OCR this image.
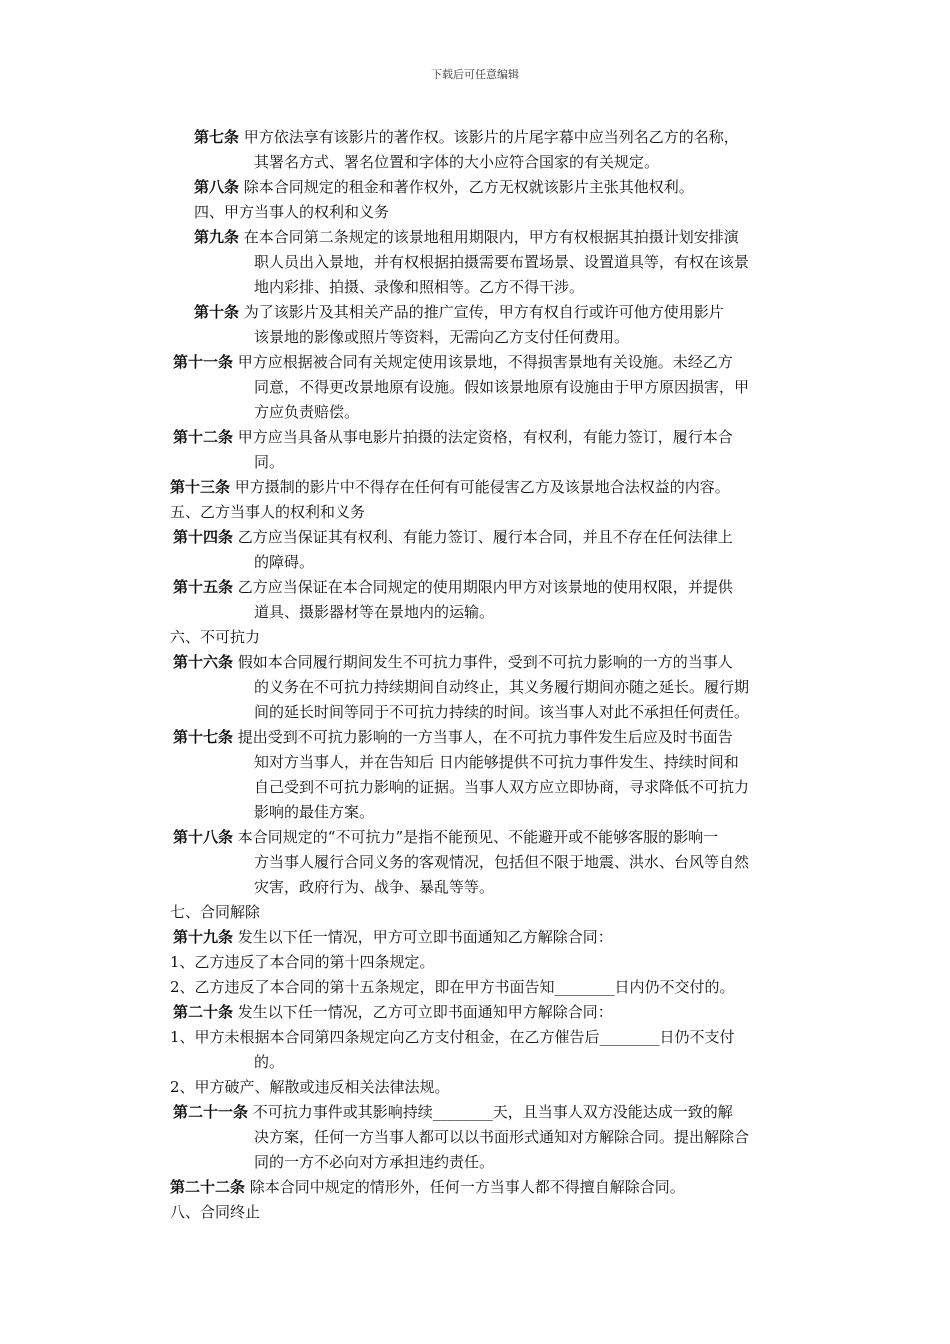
下载后可任意编辑
第七条 甲方依法享有该影片的著作权。该影片的片尾字幕中应当列名乙方的名称，
其署名方式、署名位置和字体的大小应符合国家的有关规定。
第八条 除本合同规定的租金和著作权外，乙方无权就该影片主张其他权利。
四、甲方当事人的权利和义务
第九条 在本合同第二条规定的该景地租用期限内，甲方有权根据其拍摄计划安排演
职人员出入景地，并有权根据拍摄需要布置场景、设置道具等，有权在该景
地内彩排、拍摄、录像和照相等。乙方不得干涉。
第十条 为了该影片及其相关产品的推广宣传，甲方有权自行或许可他方使用影片
该景地的影像或照片等资料，无需向乙方支付任何费用。
第十一条 甲方应根据被合同有关规定使用该景地，不得损害景地有关设施。未经乙方
同意，不得更改景地原有设施。假如该景地原有设施由于甲方原因损害，甲
方应负责赔偿。
第十二条 甲方应当具备从事电影片拍摄的法定资格，有权利，有能力签订，履行本合
同。
第十三条 甲方摄制的影片中不得存在任何有可能侵害乙方及该景地合法权益的内容。
五、乙方当事人的权利和义务
第十四条 乙方应当保证其有权利、有能力签订、履行本合同，并且不存在任何法律上
的障碍。
第十五条 乙方应当保证在本合同规定的使用期限内甲方对该景地的使用权限，并提供
道具、摄影器材等在景地内的运输。
六、不可抗力
第十六条 假如本合同履行期间发生不可抗力事件，受到不可抗力影响的一方的当事人
的义务在不可抗力持续期间自动终止，其义务履行期间亦随之延长。履行期
间的延长时间等同于不可抗力持续的时间。该当事人对此不承担任何责任。
第十七条 提出受到不可抗力影响的一方当事人，在不可抗力事件发生后应及时书面告
知对方当事人，并在告知后 日内能够提供不可抗力事件发生、持续时间和
自己受到不可抗力影响的证据。当事人双方应立即协商，寻求降低不可抗力
影响的最佳方案。
第十八条 本合同规定的“不可抗力”是指不能预见、不能避开或不能够客服的影响一
方当事人履行合同义务的客观情况，包括但不限于地震、洪水、台风等自然
灾害，政府行为、战争、暴乱等等。
七、合同解除
第十九条 发生以下任一情况，甲方可立即书面通知乙方解除合同：
1、乙方违反了本合同的第十四条规定。
2、乙方违反了本合同的第十五条规定，即在甲方书面告知________日内仍不交付的。
第二十条 发生以下任一情况，乙方可立即书面通知甲方解除合同：
1、甲方未根据本合同第四条规定向乙方支付租金，在乙方催告后________日仍不支付
的。
2、甲方破产、解散或违反相关法律法规。
第二十一条 不可抗力事件或其影响持续________天，且当事人双方没能达成一致的解
决方案，任何一方当事人都可以以书面形式通知对方解除合同。提出解除合
同的一方不必向对方承担违约责任。
第二十二条 除本合同中规定的情形外，任何一方当事人都不得擅自解除合同。
八、合同终止
